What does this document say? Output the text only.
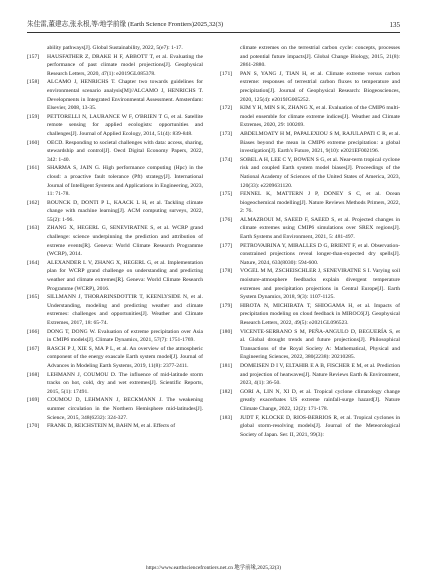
朱佳雷,董建志,张永根,等/地学前缘 (Earth Science Frontiers)2025,32(3)	135
ability pathways[J]. Global Sustainability, 2022, 5(e7): 1-17.
[157]	HAUSFATHER Z, DRAKE H F, ABBOTT T, et al. Evaluating the performance of past climate model projections[J]. Geophysical Research Letters, 2020, 47(1): e2019GL085378.
[158]	ALCAMO J, HENRICHS T. Chapter two towards guidelines for environmental scenario analysis[M]//ALCAMO J, HENRICHS T. Developments in Integrated Environmental Assessment. Amsterdam: Elsevier, 2008, 13-35.
[159]	PETTORELLI N, LAURANCE W F, O'BRIEN T G, et al. Satellite remote sensing for applied ecologists: opportunities and challenges[J]. Journal of Applied Ecology, 2014, 51(4): 839-848.
[160]	OECD. Responding to societal challenges with data: access, sharing, stewardship and control[J]. Oecd Digital Economy Papers, 2022, 342: 1-40.
[161]	SHARMA S, JAIN G. High performance computing (Hpc) in the cloud: a proactive fault tolerance (Pft) strategy[J]. International Journal of Intelligent Systems and Applications in Engineering, 2023, 11: 71-78.
[162]	BOUNCK D, DONTI P L, KAACK L H, et al. Tackling climate change with machine learning[J]. ACM computing surveys, 2022, 55(2): 1-96.
[163]	ZHANG X, HEGERL G, SENEVIRATNE S, et al. WCRP grand challenge: science underpinning the prediction and attribution of extreme events[R]. Geneva: World Climate Research Programme (WCRP), 2014.
[164]	ALEXANDER L V, ZHANG X, HEGERL G, et al. Implementation plan for WCRP grand challenge on understanding and predicting weather and climate extremes[R]. Geneva: World Climate Research Programme (WCRP), 2016.
[165]	SILLMANN J, THORARINSDOTTIR T, KEENLYSIDE N, et al. Understanding, modeling and predicting weather and climate extremes: challenges and opportunities[J]. Weather and Climate Extremes, 2017, 18: 65-74.
[166]	DONG T, DONG W. Evaluation of extreme precipitation over Asia in CMIP6 models[J]. Climate Dynamics, 2021, 57(7): 1751-1769.
[167]	RASCH P J, XIE S, MA P L, et al. An overview of the atmospheric component of the energy exascale Earth system model[J]. Journal of Advances in Modeling Earth Systems, 2019, 11(8): 2377-2411.
[168]	LEHMANN J, COUMOU D. The influence of mid-latitude storm tracks on hot, cold, dry and wet extremes[J]. Scientific Reports, 2015, 5(1): 17491.
[169]	COUMOU D, LEHMANN J, BECKMANN J. The weakening summer circulation in the Northern Hemisphere mid-latitudes[J]. Science, 2015, 348(6232): 324-327.
[170]	FRANK D, REICHSTEIN M, BAHN M, et al. Effects of
climate extremes on the terrestrial carbon cycle: concepts, processes and potential future impacts[J]. Global Change Biology, 2015, 21(8): 2861-2880.
[171]	PAN S, YANG J, TIAN H, et al. Climate extreme versus carbon extreme: responses of terrestrial carbon fluxes to temperature and precipitation[J]. Journal of Geophysical Research: Biogeosciences, 2020, 125(4): e2019JG005252.
[172]	KIM Y H, MIN S K, ZHANG X, et al. Evaluation of the CMIP6 multi-model ensemble for climate extreme indices[J]. Weather and Climate Extremes, 2020, 29: 100269.
[173]	ABDELMOATY H M, PAPALEXIOU S M, RAJULAPATI C R, et al. Biases beyond the mean in CMIP6 extreme precipitation: a global investigation[J]. Earth's Future, 2021, 9(10): e2021EF002196.
[174]	SOBEL A H, LEE C Y, BOWEN S G, et al. Near-term tropical cyclone risk and coupled Earth system model biases[J]. Proceedings of the National Academy of Sciences of the United States of America, 2023, 120(33): e2209631120.
[175]	FENNEL K, MATTERN J P, DONEY S C, et al. Ocean biogeochemical modelling[J]. Nature Reviews Methods Primers, 2022, 2: 76.
[176]	ALMAZROUI M, SAEED F, SAEED S, et al. Projected changes in climate extremes using CMIP6 simulations over SREX regions[J]. Earth Systems and Environment, 2021, 5: 481-497.
[177]	PETROVAIRINA Y, MIRALLES D G, BRIENT F, et al. Observation-constrained projections reveal longer-than-expected dry spells[J]. Nature, 2024, 633(8030): 594-600.
[178]	VOGEL M M, ZSCHEISCHLER J, SENEVIRATNE S I. Varying soil moisture-atmosphere feedbacks explain divergent temperature extremes and precipitation projections in Central Europe[J]. Earth System Dynamics, 2018, 9(3): 1107-1125.
[179]	HIROTA N, MICHIBATA T, SHIOGAMA H, et al. Impacts of precipitation modeling on cloud feedback in MIROC6[J]. Geophysical Research Letters, 2022, 49(5): e2021GL096523.
[180]	VICENTE-SERRANO S M, PEÑA-ANGULO D, BEGUERÍA S, et al. Global drought trends and future projections[J]. Philosophical Transactions of the Royal Society A: Mathematical, Physical and Engineering Sciences, 2022, 380(2238): 20210285.
[181]	DOMEISEN D I V, ELTAHIR E A B, FISCHER E M, et al. Prediction and projection of heatwaves[J]. Nature Reviews Earth & Environment, 2023, 4(1): 36-50.
[182]	GORI A, LIN N, XI D, et al. Tropical cyclone climatology change greatly exacerbates US extreme rainfall-surge hazard[J]. Nature Climate Change, 2022, 12(2): 171-178.
[183]	JUDT F, KLOCKE D, RIOS-BERRIOS R, et al. Tropical cyclones in global storm-resolving models[J]. Journal of the Meteorological Society of Japan. Ser. II, 2021, 99(3):
https://www.earthsciencefrontiers.net.cn 地学前缘,2025,32(3)
